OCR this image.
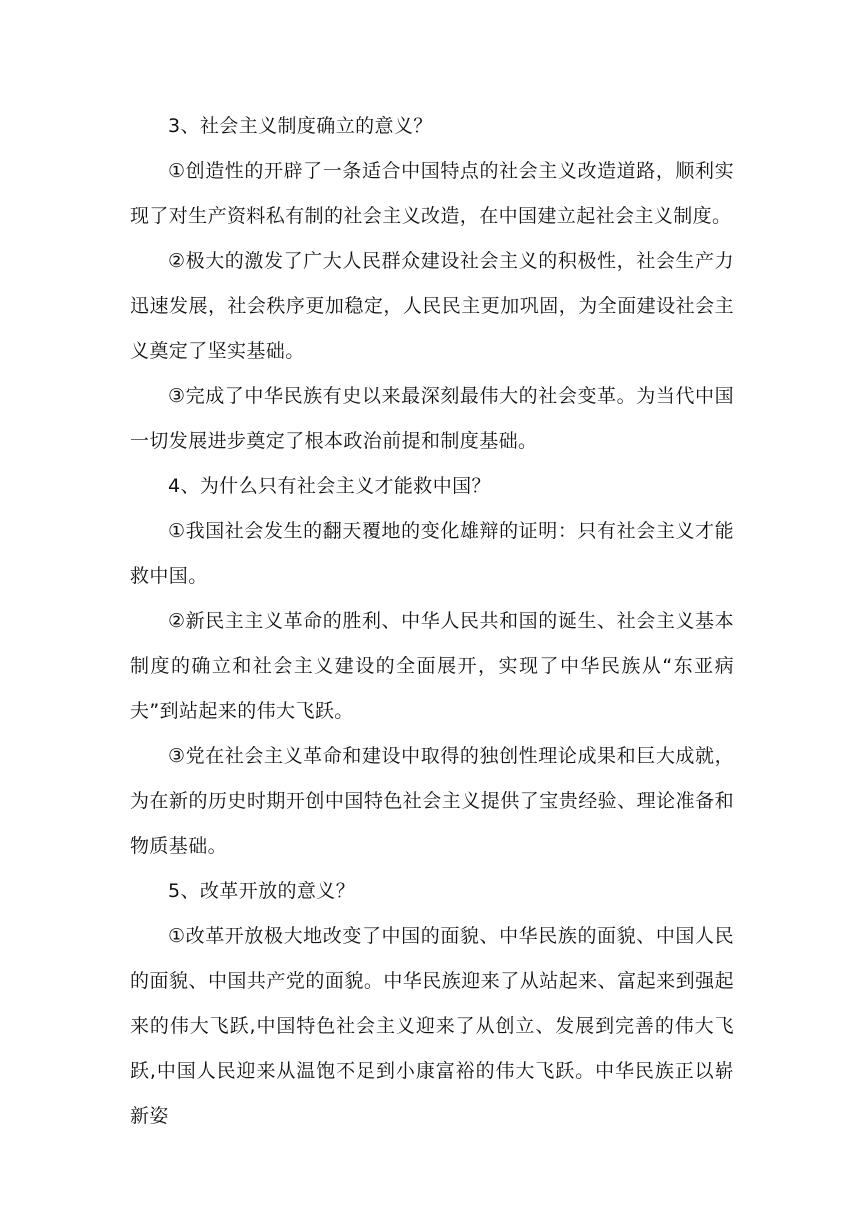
3、社会主义制度确立的意义？

①创造性的开辟了一条适合中国特点的社会主义改造道路，顺利实现了对生产资料私有制的社会主义改造，在中国建立起社会主义制度。

②极大的激发了广大人民群众建设社会主义的积极性，社会生产力迅速发展，社会秩序更加稳定，人民民主更加巩固，为全面建设社会主义奠定了坚实基础。

③完成了中华民族有史以来最深刻最伟大的社会变革。为当代中国一切发展进步奠定了根本政治前提和制度基础。

4、为什么只有社会主义才能救中国？

①我国社会发生的翻天覆地的变化雄辩的证明：只有社会主义才能救中国。

②新民主主义革命的胜利、中华人民共和国的诞生、社会主义基本制度的确立和社会主义建设的全面展开，实现了中华民族从“东亚病夫”到站起来的伟大飞跃。

③党在社会主义革命和建设中取得的独创性理论成果和巨大成就，为在新的历史时期开创中国特色社会主义提供了宝贵经验、理论准备和物质基础。

5、改革开放的意义？

①改革开放极大地改变了中国的面貌、中华民族的面貌、中国人民的面貌、中国共产党的面貌。中华民族迎来了从站起来、富起来到强起来的伟大飞跃,中国特色社会主义迎来了从创立、发展到完善的伟大飞跃,中国人民迎来从温饱不足到小康富裕的伟大飞跃。中华民族正以崭新姿
